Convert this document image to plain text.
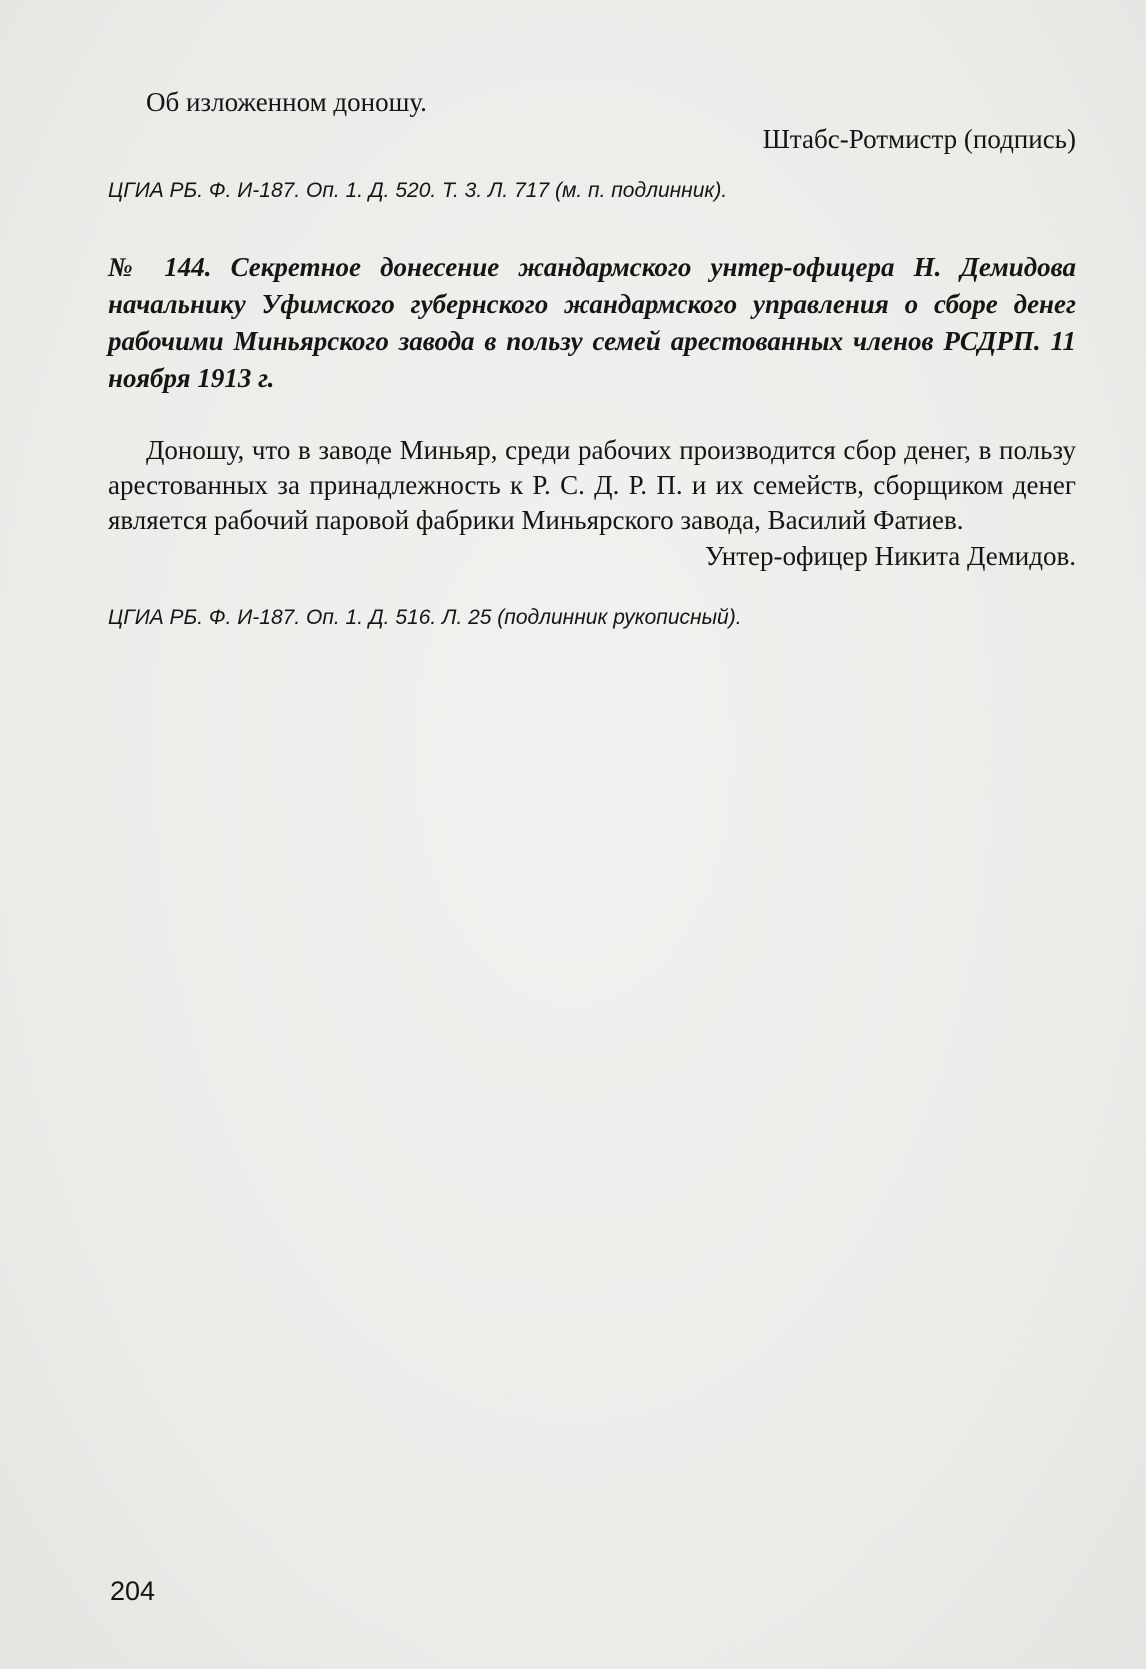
Об изложенном доношу.

Штабс-Ротмистр (подпись)

ЦГИА РБ. Ф. И-187. Оп. 1. Д. 520. Т. 3. Л. 717 (м. п. подлинник).

№ 144. Секретное донесение жандармского унтер-офицера Н. Демидова начальнику Уфимского губернского жандармского управления о сборе денег рабочими Миньярского завода в пользу семей арестованных членов РСДРП. 11 ноября 1913 г.

Доношу, что в заводе Миньяр, среди рабочих производится сбор денег, в пользу арестованных за принадлежность к Р. С. Д. Р. П. и их семейств, сборщиком денег является рабочий паровой фабрики Миньярского завода, Василий Фатиев.

Унтер-офицер Никита Демидов.

ЦГИА РБ. Ф. И-187. Оп. 1. Д. 516. Л. 25 (подлинник рукописный).

204
